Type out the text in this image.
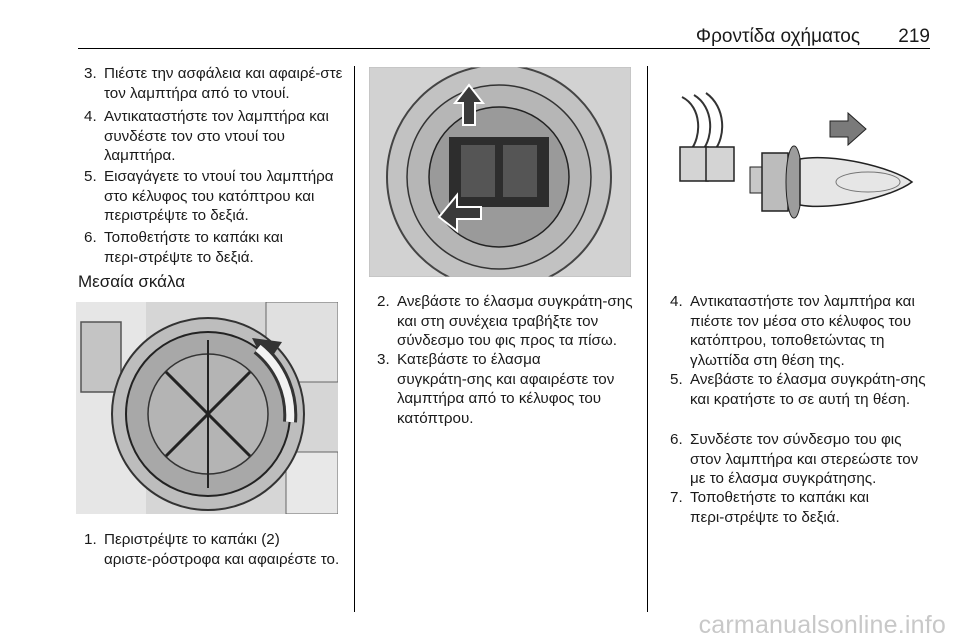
Φροντίδα οχήματος 219
3. Πιέστε την ασφάλεια και αφαιρέ‑στε τον λαμπτήρα από το ντουί.
4. Αντικαταστήστε τον λαμπτήρα και συνδέστε τον στο ντουί του λαμπτήρα.
5. Εισαγάγετε το ντουί του λαμπτήρα στο κέλυφος του κατόπτρου και περιστρέψτε το δεξιά.
6. Τοποθετήστε το καπάκι και περι‑στρέψτε το δεξιά.
Μεσαία σκάλα
1. Περιστρέψτε το καπάκι (2) αριστε‑ρόστροφα και αφαιρέστε το.
2. Ανεβάστε το έλασμα συγκράτη‑σης και στη συνέχεια τραβήξτε τον σύνδεσμο του φις προς τα πίσω.
3. Κατεβάστε το έλασμα συγκράτη‑σης και αφαιρέστε τον λαμπτήρα από το κέλυφος του κατόπτρου.
4. Αντικαταστήστε τον λαμπτήρα και πιέστε τον μέσα στο κέλυφος του κατόπτρου, τοποθετώντας τη γλωττίδα στη θέση της.
5. Ανεβάστε το έλασμα συγκράτη‑σης και κρατήστε το σε αυτή τη θέση.
6. Συνδέστε τον σύνδεσμο του φις στον λαμπτήρα και στερεώστε τον με το έλασμα συγκράτησης.
7. Τοποθετήστε το καπάκι και περι‑στρέψτε το δεξιά.
carmanualsonline.info
